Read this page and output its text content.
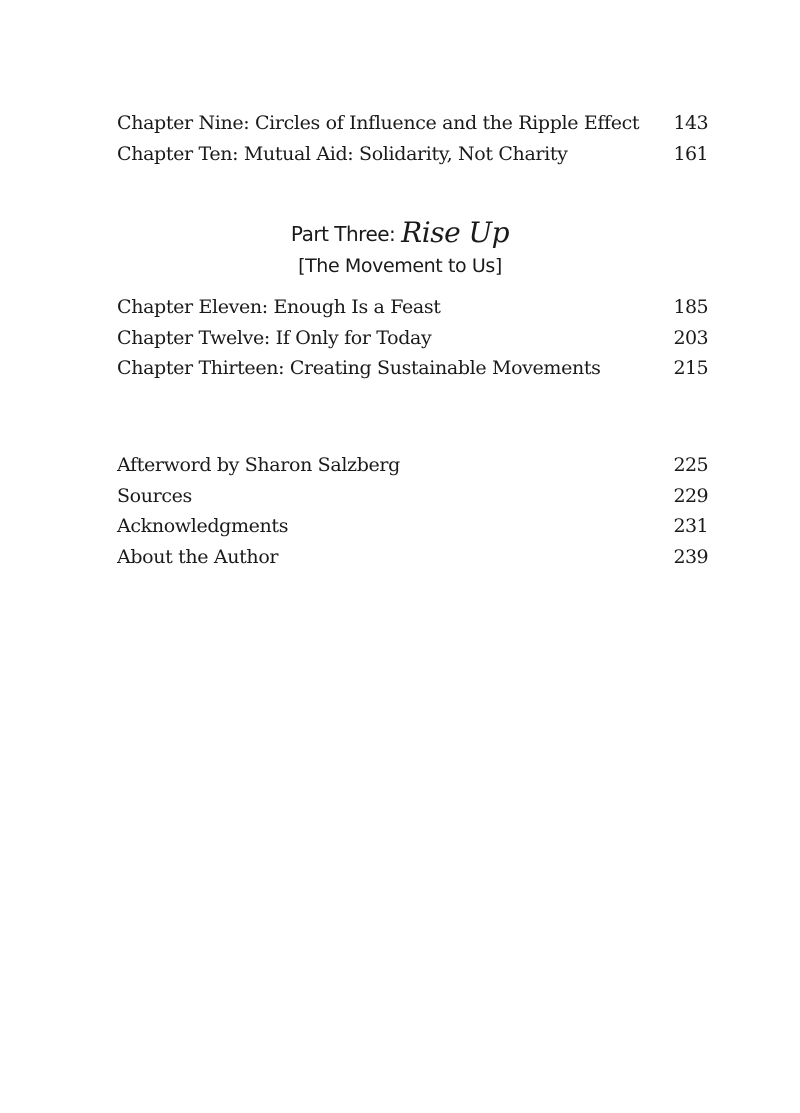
Chapter Nine: Circles of Influence and the Ripple Effect 143
Chapter Ten: Mutual Aid: Solidarity, Not Charity	161
Part Three: Rise Up
[The Movement to Us]
Chapter Eleven: Enough Is a Feast	185
Chapter Twelve: If Only for Today	203
Chapter Thirteen: Creating Sustainable Movements	215
Afterword by Sharon Salzberg	225
Sources	229
Acknowledgments	231
About the Author	239
